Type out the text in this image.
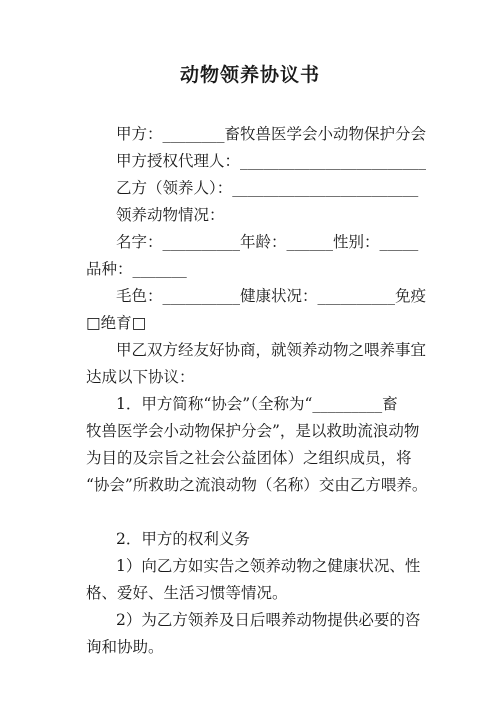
动物领养协议书
甲方：________畜牧兽医学会小动物保护分会
甲方授权代理人：________________________
乙方（领养人）：________________________
领养动物情况：
名字：__________年龄：______性别：_____
品种：_______
毛色：__________健康状况：__________免疫
□绝育□
甲乙双方经友好协商，就领养动物之喂养事宜
达成以下协议：
1．甲方简称“协会”（全称为“_________畜
牧兽医学会小动物保护分会”，是以救助流浪动物
为目的及宗旨之社会公益团体）之组织成员，将
“协会”所救助之流浪动物（名称）交由乙方喂养。
2．甲方的权利义务
1）向乙方如实告之领养动物之健康状况、性
格、爱好、生活习惯等情况。
2）为乙方领养及日后喂养动物提供必要的咨
询和协助。
